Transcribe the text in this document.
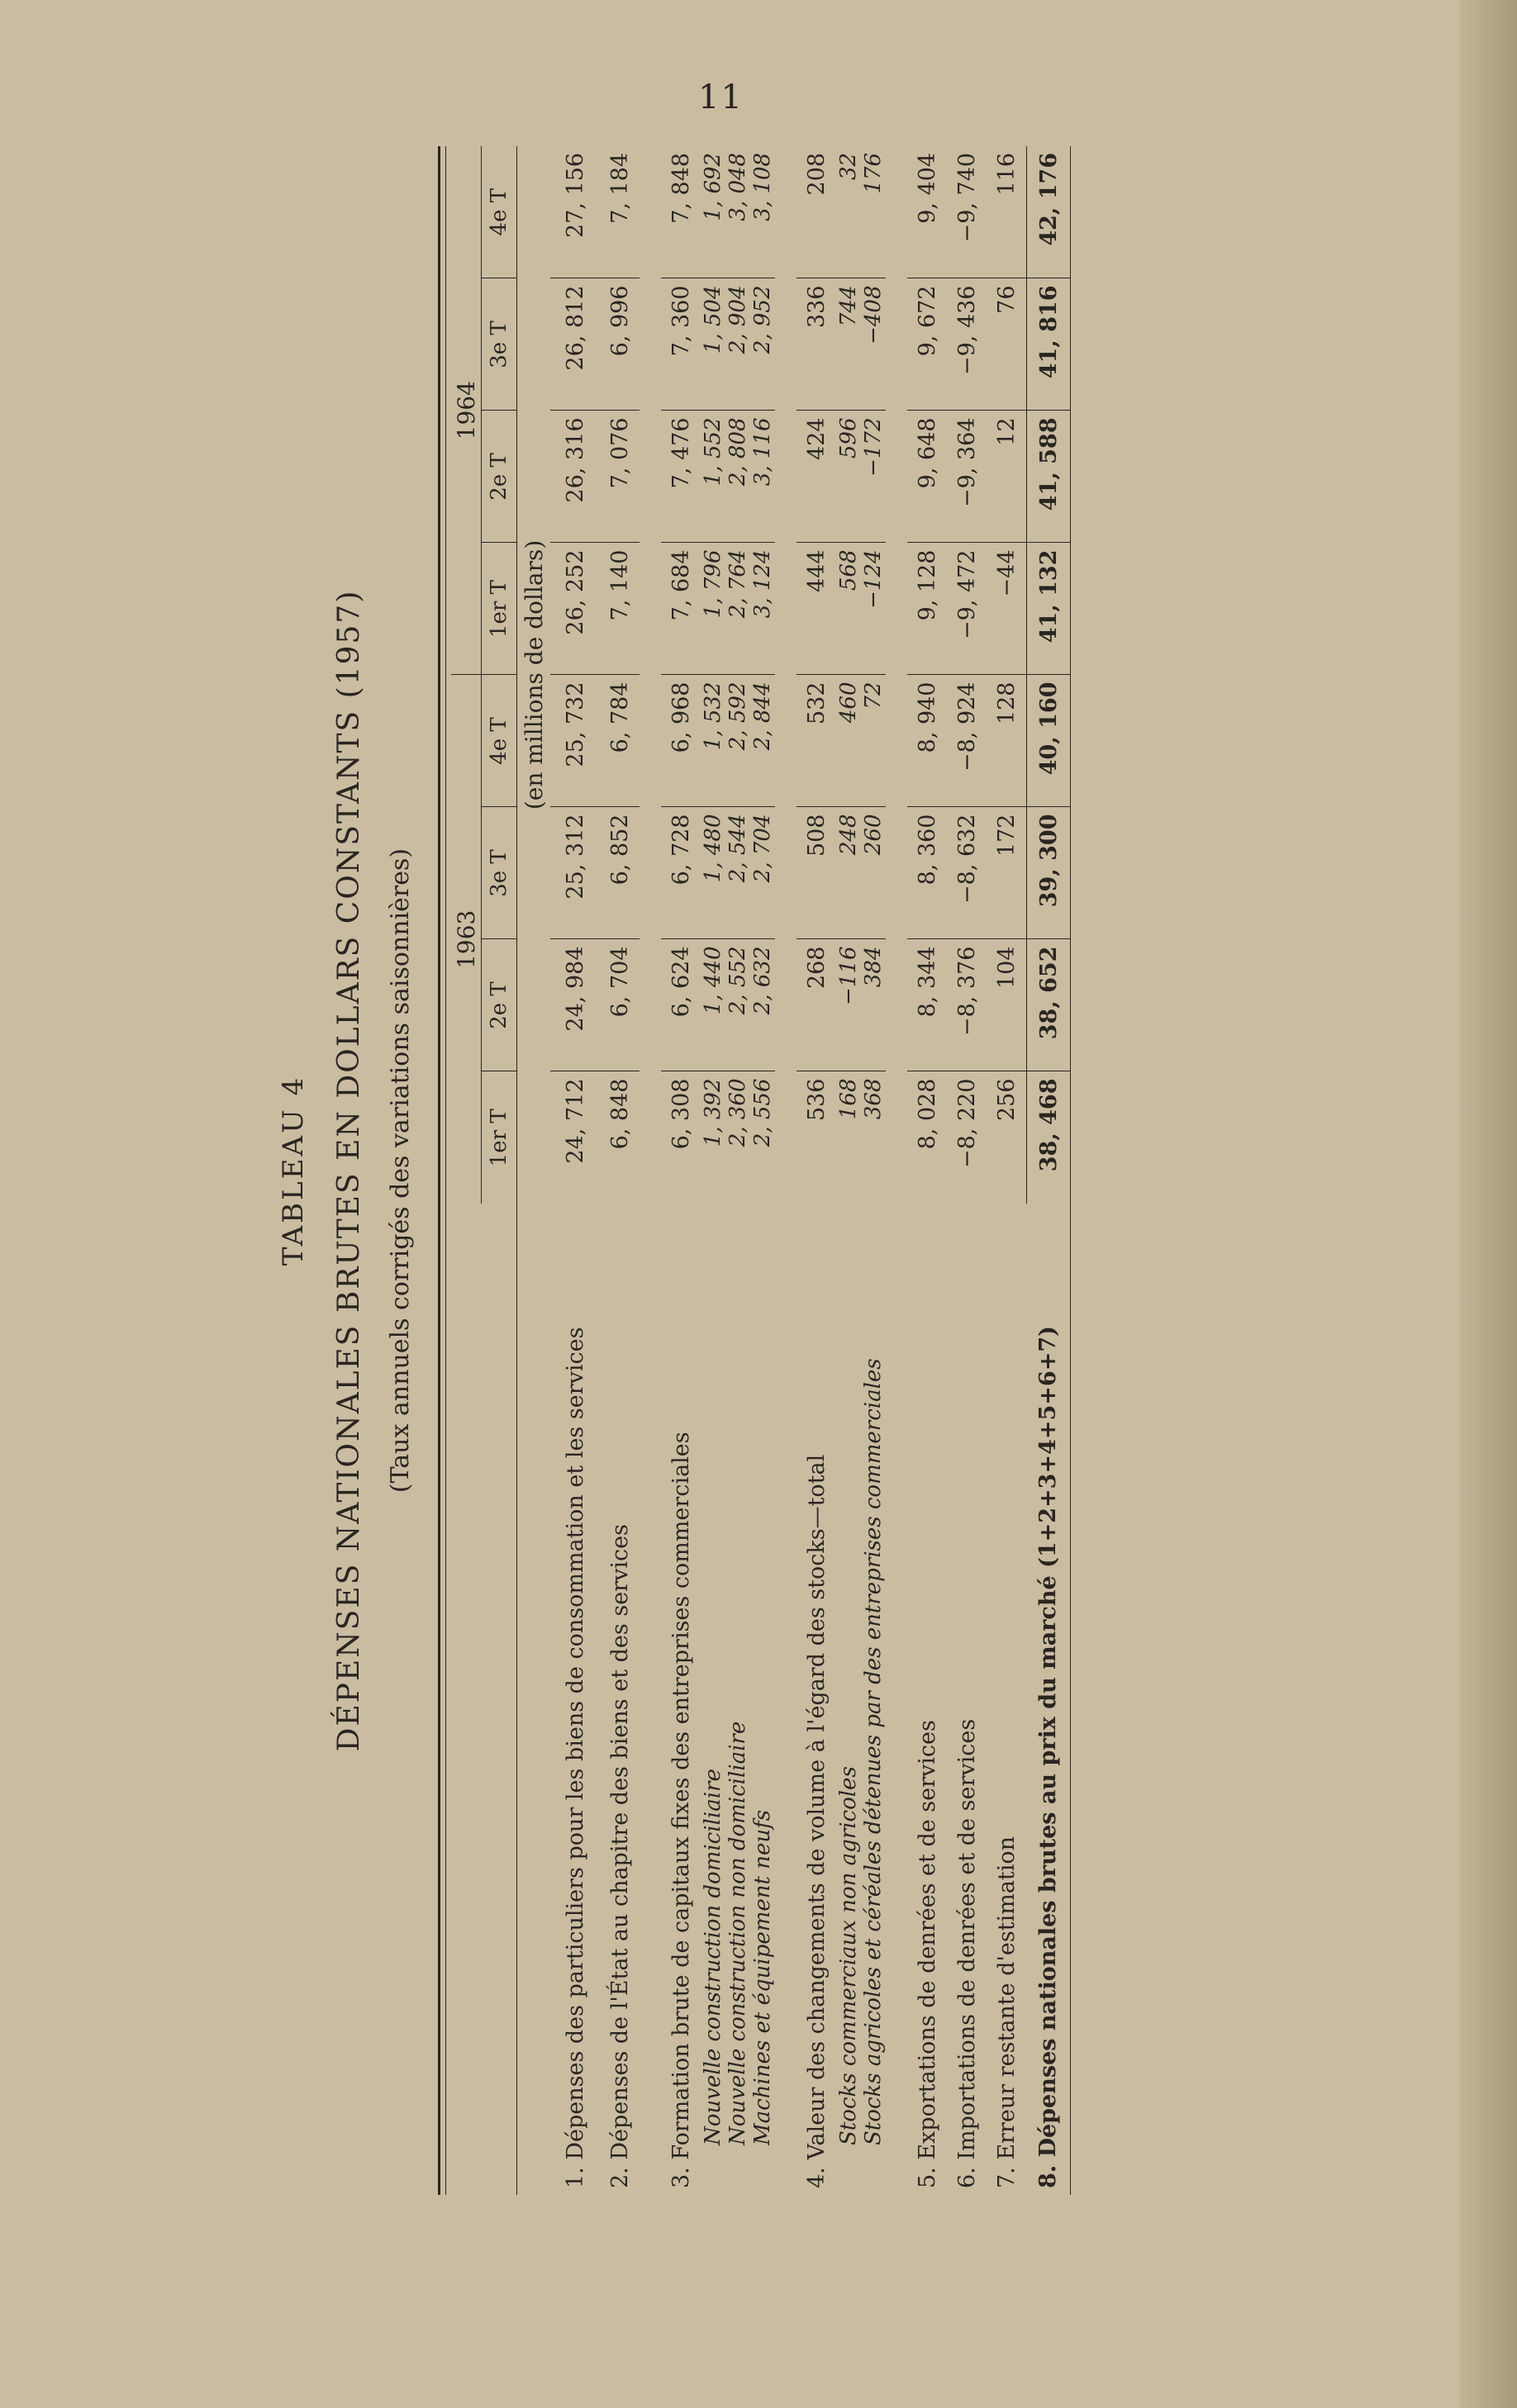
11
TABLEAU 4 DÉPENSES NATIONALES BRUTES EN DOLLARS CONSTANTS (1957) (Taux annuels corrigés des variations saisonnières)

	1963				1964			
	1er T	2e T	3e T	4e T	1er T	2e T	3e T	4e T
	(en millions de dollars)							
1. Dépenses des particuliers pour les biens de consommation et les services	24, 712	24, 984	25, 312	25, 732	26, 252	26, 316	26, 812	27, 156
2. Dépenses de l'État au chapitre des biens et des services	6, 848	6, 704	6, 852	6, 784	7, 140	7, 076	6, 996	7, 184

3. Formation brute de capitaux fixes des entreprises commerciales	6, 308	6, 624	6, 728	6, 968	7, 684	7, 476	7, 360	7, 848
Nouvelle construction domiciliaire	1, 392	1, 440	1, 480	1, 532	1, 796	1, 552	1, 504	1, 692
Nouvelle construction non domiciliaire	2, 360	2, 552	2, 544	2, 592	2, 764	2, 808	2, 904	3, 048
Machines et équipement neufs	2, 556	2, 632	2, 704	2, 844	3, 124	3, 116	2, 952	3, 108

4. Valeur des changements de volume à l'égard des stocks—total	536	268	508	532	444	424	336	208
Stocks commerciaux non agricoles	168	−116	248	460	568	596	744	32
Stocks agricoles et céréales détenues par des entreprises commerciales	368	384	260	72	−124	−172	−408	176

5. Exportations de denrées et de services	8, 028	8, 344	8, 360	8, 940	9, 128	9, 648	9, 672	9, 404
6. Importations de denrées et de services	−8, 220	−8, 376	−8, 632	−8, 924	−9, 472	−9, 364	−9, 436	−9, 740
7. Erreur restante d'estimation	256	104	172	128	−44	12	76	116
8. Dépenses nationales brutes au prix du marché (1+2+3+4+5+6+7)	38, 468	38, 652	39, 300	40, 160	41, 132	41, 588	41, 816	42, 176
